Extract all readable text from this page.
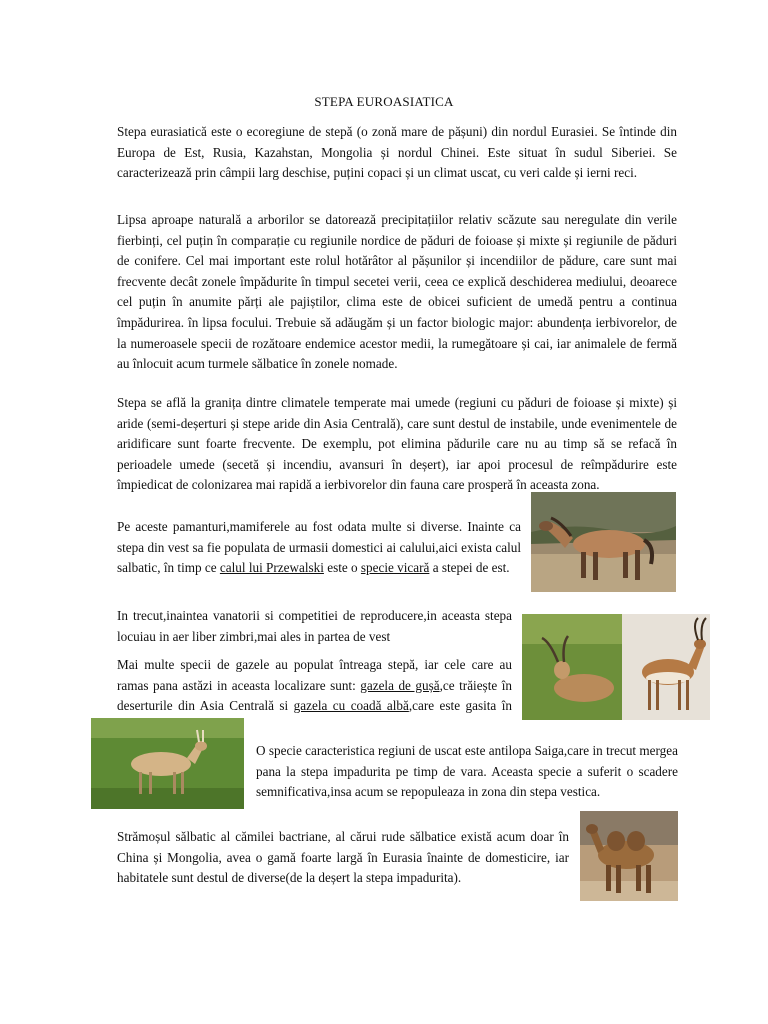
STEPA EUROASIATICA

Stepa eurasiatică este o ecoregiune de stepă (o zonă mare de pășuni) din nordul Eurasiei. Se întinde din Europa de Est, Rusia, Kazahstan, Mongolia și nordul Chinei. Este situat în sudul Siberiei. Se caracterizează prin câmpii larg deschise, puțini copaci și un climat uscat, cu veri calde și ierni reci.

Lipsa aproape naturală a arborilor se datorează precipitațiilor relativ scăzute sau neregulate din verile fierbinți, cel puțin în comparație cu regiunile nordice de păduri de foioase și mixte și regiunile de păduri de conifere. Cel mai important este rolul hotărâtor al pășunilor și incendiilor de pădure, care sunt mai frecvente decât zonele împădurite în timpul secetei verii, ceea ce explică deschiderea mediului, deoarece cel puțin în anumite părți ale pajiștilor, clima este de obicei suficient de umedă pentru a continua împădurirea. în lipsa focului. Trebuie să adăugăm și un factor biologic major: abundența ierbivorelor, de la numeroasele specii de rozătoare endemice acestor medii, la rumegătoare și cai, iar animalele de fermă au înlocuit acum turmele sălbatice în zonele nomade.

Stepa se află la granița dintre climatele temperate mai umede (regiuni cu păduri de foioase și mixte) și aride (semi-deșerturi și stepe aride din Asia Centrală), care sunt destul de instabile, unde evenimentele de aridificare sunt foarte frecvente. De exemplu, pot elimina pădurile care nu au timp să se refacă în perioadele umede (secetă și incendiu, avansuri în deșert), iar apoi procesul de reîmpădurire este împiedicat de colonizarea mai rapidă a ierbivorelor din fauna care prosperă în aceasta zona.

Pe aceste pamanturi,mamiferele au fost odata multe si diverse. Inainte ca stepa din vest sa fie populata de urmasii domestici ai calului,aici exista calul salbatic, în timp ce calul lui Przewalski este o specie vicară a stepei de est.

In trecut,inaintea vanatorii si competitiei de reproducere,in aceasta stepa locuiau in aer liber zimbri,mai ales in partea de vest

Mai multe specii de gazele au populat întreaga stepă, iar cele care au ramas pana astăzi in aceasta localizare sunt: gazela de gușă,ce trăiește în deserturile din Asia Centrală si gazela cu coadă albă,care este gasita în

O specie caracteristica regiuni de uscat este antilopa Saiga,care in trecut mergea pana la stepa impadurita pe timp de vara. Aceasta specie a suferit o scadere semnificativa,insa acum se repopuleaza in zona din stepa vestica.

Strămoșul sălbatic al cămilei bactriane, al cărui rude sălbatice există acum doar în China și Mongolia, avea o gamă foarte largă în Eurasia înainte de domesticire, iar habitatele sunt destul de diverse(de la deșert la stepa impadurita).
